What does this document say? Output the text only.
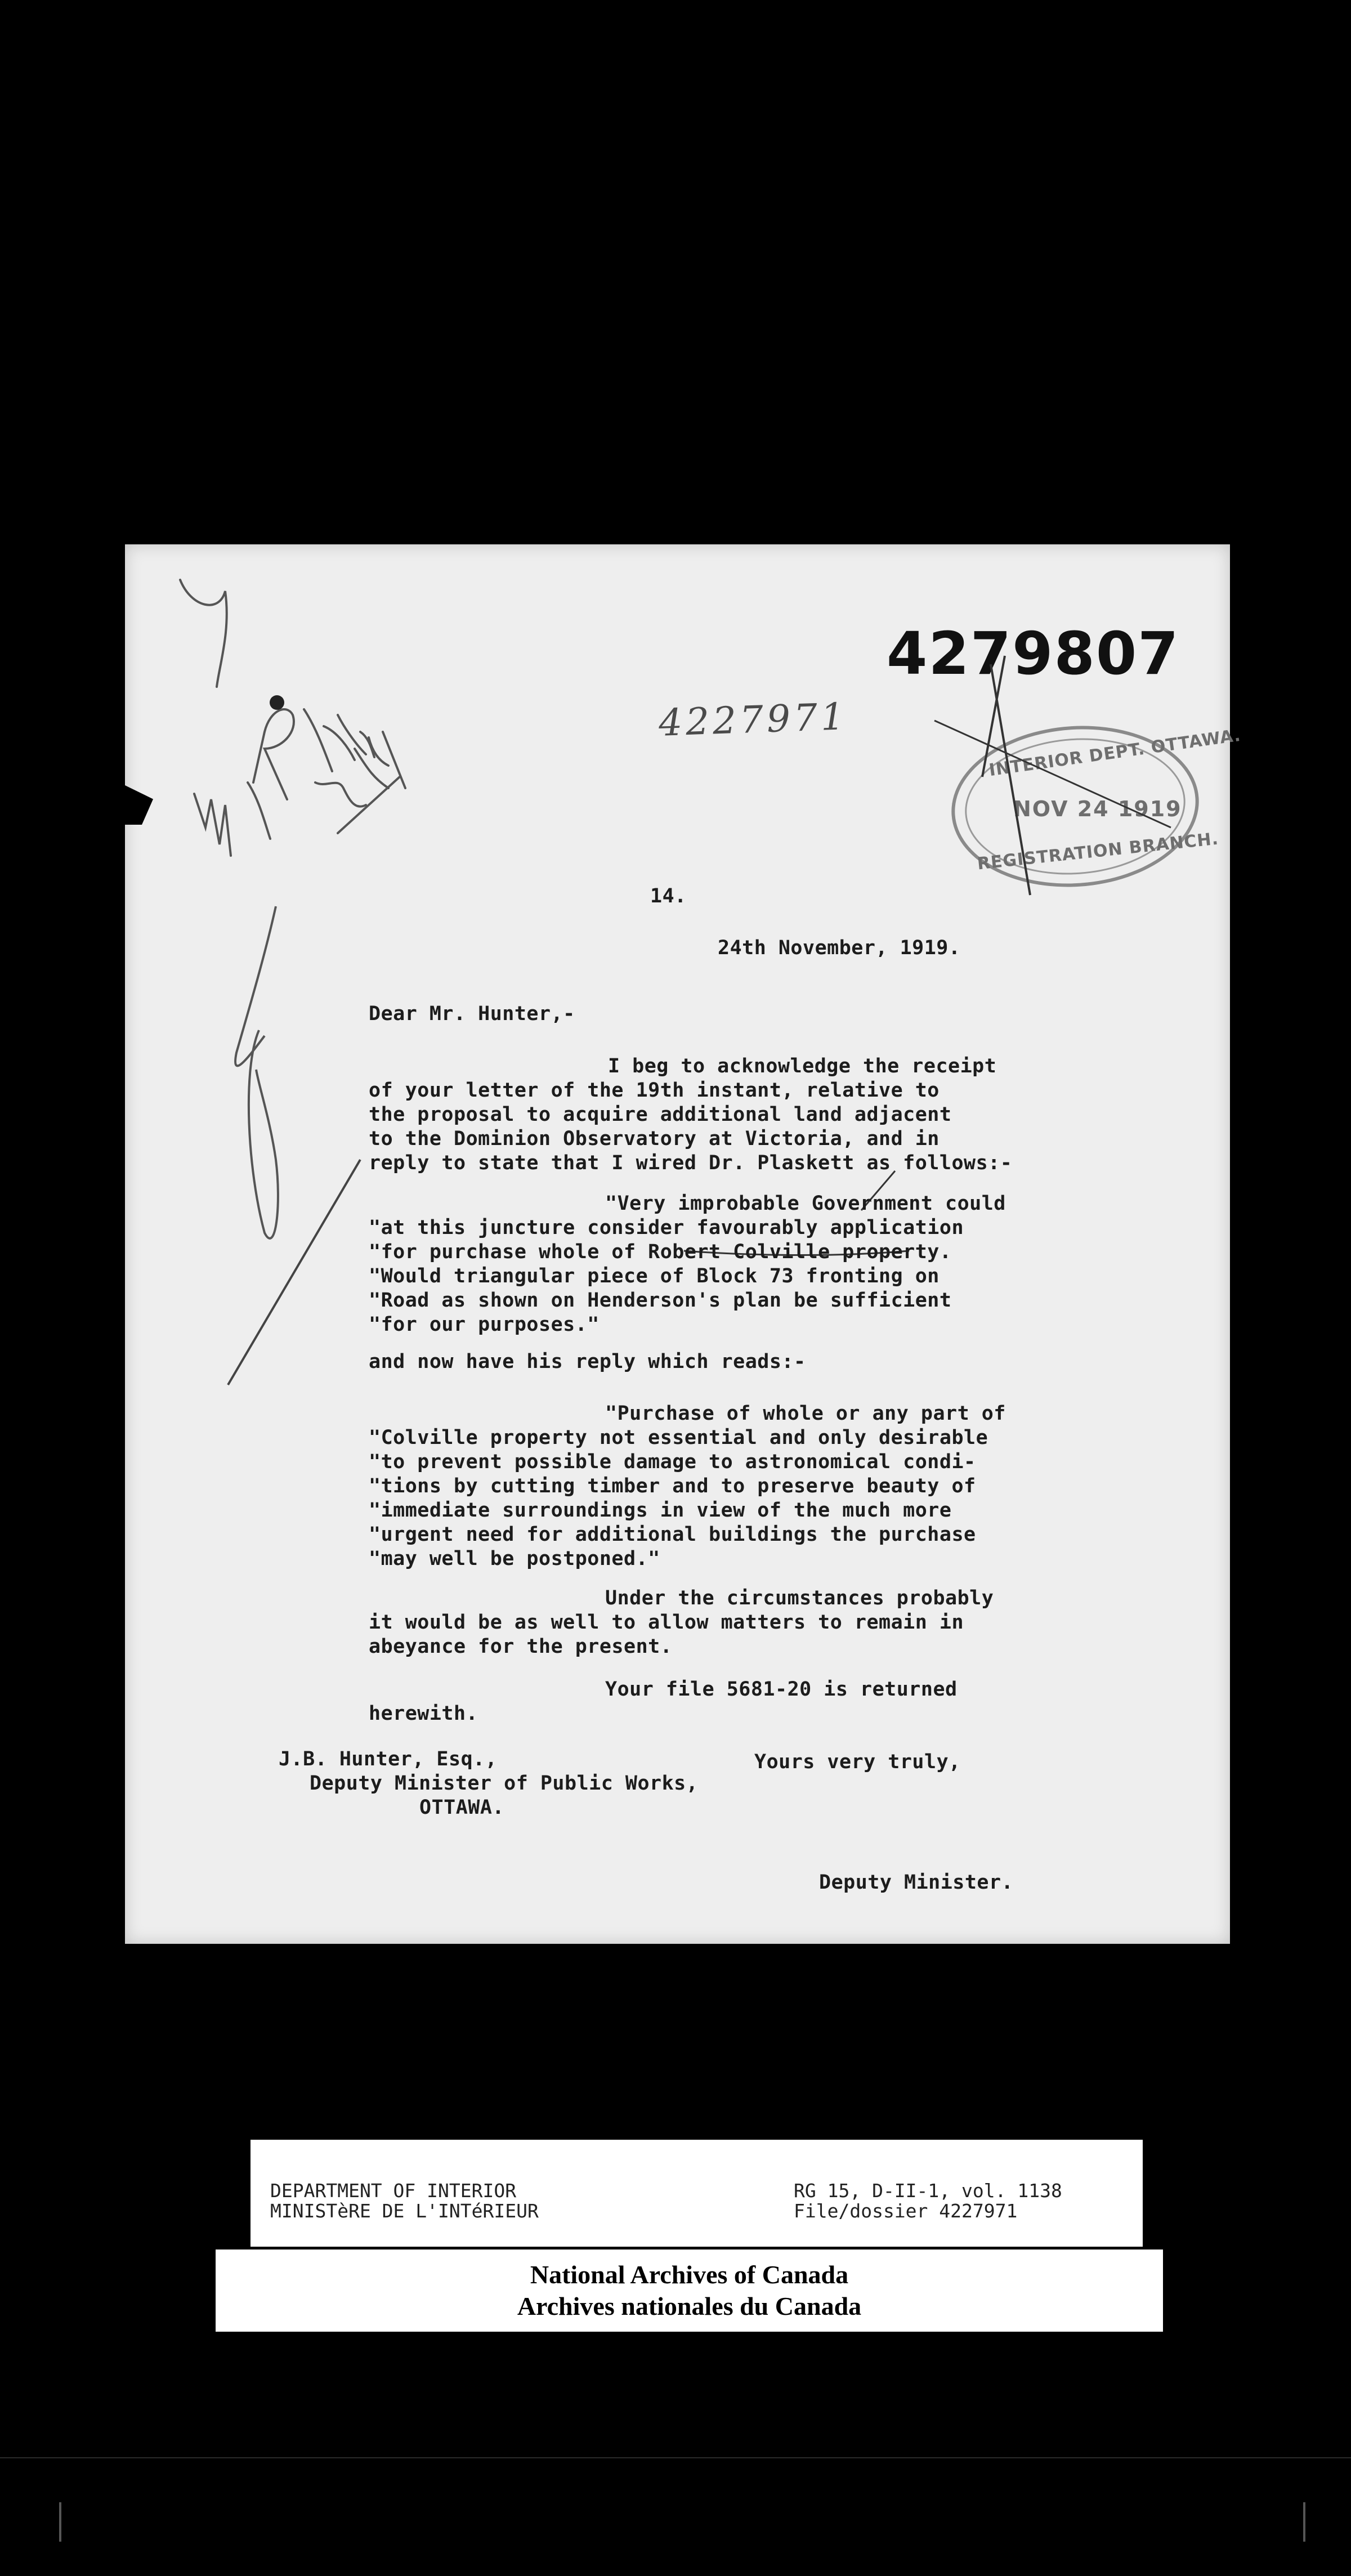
4279807
4227971
INTERIOR DEPT. OTTAWA.
NOV 24 1919
REGISTRATION BRANCH.
14.
24th November, 1919.
Dear Mr. Hunter,-
I beg to acknowledge the receipt
of your letter of the 19th instant, relative to
the proposal to acquire additional land adjacent
to the Dominion Observatory at Victoria, and in
reply to state that I wired Dr. Plaskett as follows:-
"Very improbable Government could
"at this juncture consider favourably application
"for purchase whole of Robert Colville property.
"Would triangular piece of Block 73 fronting on
"Road as shown on Henderson's plan be sufficient
"for our purposes."
and now have his reply which reads:-
"Purchase of whole or any part of
"Colville property not essential and only desirable
"to prevent possible damage to astronomical condi-
"tions by cutting timber and to preserve beauty of
"immediate surroundings in view of the much more
"urgent need for additional buildings the purchase
"may well be postponed."
Under the circumstances probably
it would be as well to allow matters to remain in
abeyance for the present.
Your file 5681-20 is returned
herewith.
J.B. Hunter, Esq.,
Deputy Minister of Public Works,
OTTAWA.
Yours very truly,
Deputy Minister.
DEPARTMENT OF INTERIOR
MINISTèRE DE L'INTéRIEUR
RG 15, D-II-1, vol. 1138
File/dossier 4227971
National Archives of Canada
Archives nationales du Canada
